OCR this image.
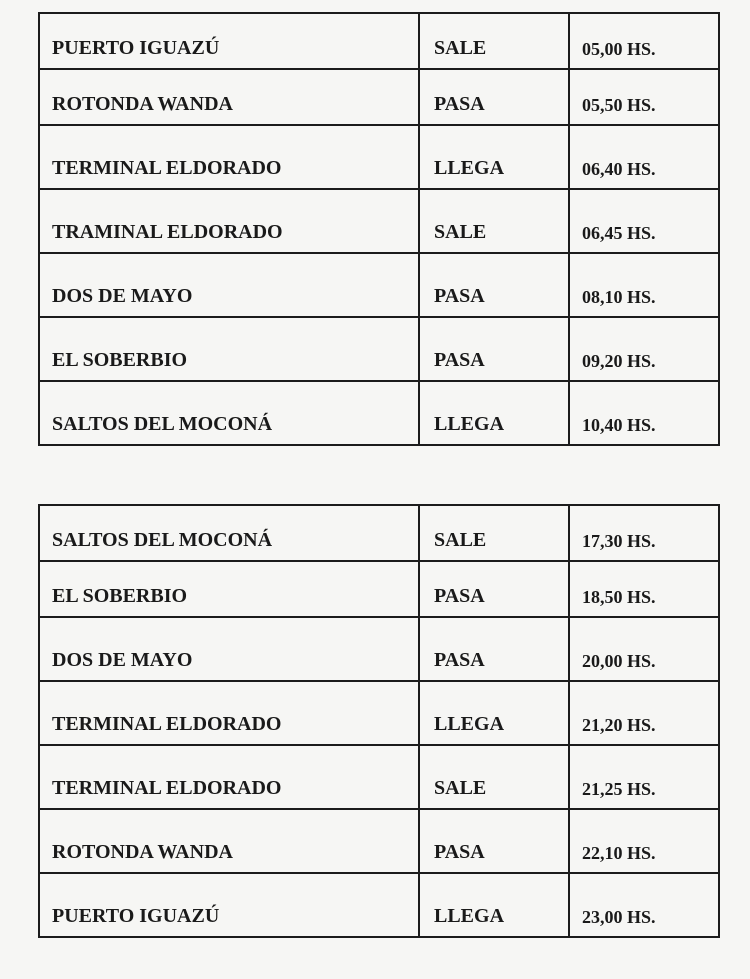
PUERTO IGUAZÚ	SALE	05,00 HS.
ROTONDA WANDA	PASA	05,50 HS.
TERMINAL ELDORADO	LLEGA	06,40 HS.
TRAMINAL ELDORADO	SALE	06,45 HS.
DOS DE MAYO	PASA	08,10 HS.
EL SOBERBIO	PASA	09,20 HS.
SALTOS DEL MOCONÁ	LLEGA	10,40 HS.
SALTOS DEL MOCONÁ	SALE	17,30 HS.
EL SOBERBIO	PASA	18,50 HS.
DOS DE MAYO	PASA	20,00 HS.
TERMINAL ELDORADO	LLEGA	21,20 HS.
TERMINAL ELDORADO	SALE	21,25 HS.
ROTONDA WANDA	PASA	22,10 HS.
PUERTO IGUAZÚ	LLEGA	23,00 HS.
